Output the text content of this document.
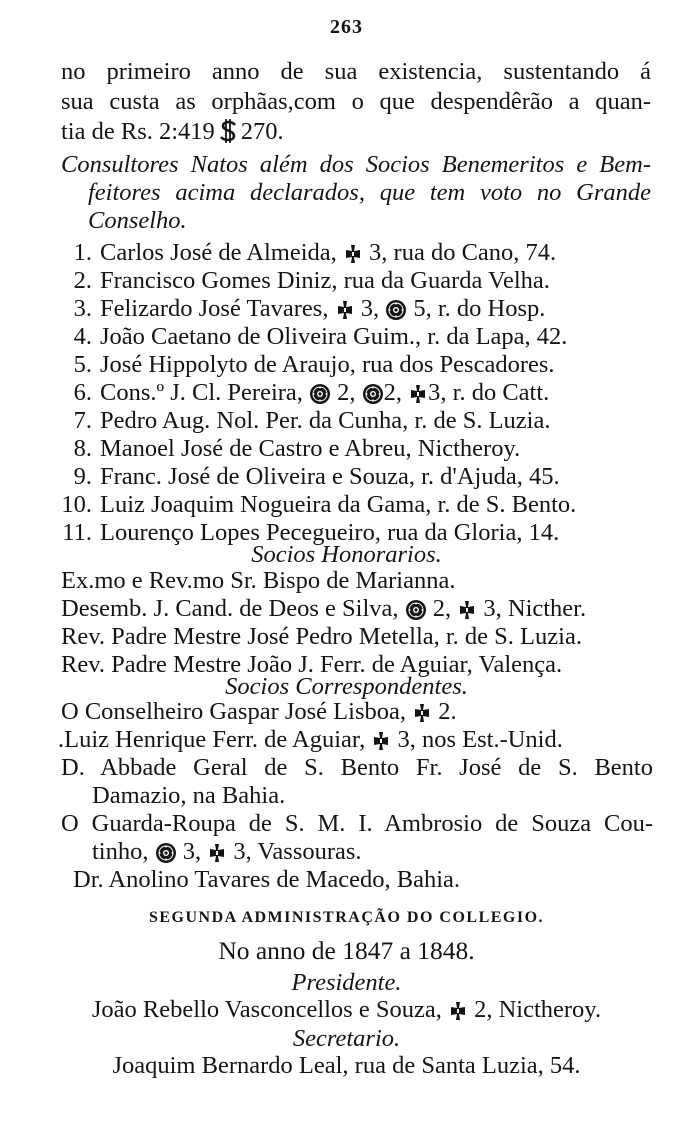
263
no primeiro anno de sua existencia, sustentando á
sua custa as orphãas,com o que despendêrão a quan-
tia de Rs. 2:419 270.
Consultores Natos além dos Socios Benemeritos e Bem-
feitores acima declarados, que tem voto no Grande
Conselho.
1. Carlos José de Almeida,  3, rua do Cano, 74.
2. Francisco Gomes Diniz, rua da Guarda Velha.
3. Felizardo José Tavares,  3,  5, r. do Hosp.
4. João Caetano de Oliveira Guim., r. da Lapa, 42.
5. José Hippolyto de Araujo, rua dos Pescadores.
6. Cons.º J. Cl. Pereira,  2, 2, 3, r. do Catt.
7. Pedro Aug. Nol. Per. da Cunha, r. de S. Luzia.
8. Manoel José de Castro e Abreu, Nictheroy.
9. Franc. José de Oliveira e Souza, r. d'Ajuda, 45.
10. Luiz Joaquim Nogueira da Gama, r. de S. Bento.
11. Lourenço Lopes Pecegueiro, rua da Gloria, 14.
Socios Honorarios.
Ex.mo e Rev.mo Sr. Bispo de Marianna.
Desemb. J. Cand. de Deos e Silva,  2,  3, Nicther.
Rev. Padre Mestre José Pedro Metella, r. de S. Luzia.
Rev. Padre Mestre João J. Ferr. de Aguiar, Valença.
Socios Correspondentes.
O Conselheiro Gaspar José Lisboa,  2.
.Luiz Henrique Ferr. de Aguiar,  3, nos Est.-Unid.
D. Abbade Geral de S. Bento Fr. José de S. Bento
Damazio, na Bahia.
O Guarda-Roupa de S. M. I. Ambrosio de Souza Cou-
tinho,  3,  3, Vassouras.
Dr. Anolino Tavares de Macedo, Bahia.
SEGUNDA ADMINISTRAÇÃO DO COLLEGIO.
No anno de 1847 a 1848.
Presidente.
João Rebello Vasconcellos e Souza,  2, Nictheroy.
Secretario.
Joaquim Bernardo Leal, rua de Santa Luzia, 54.
